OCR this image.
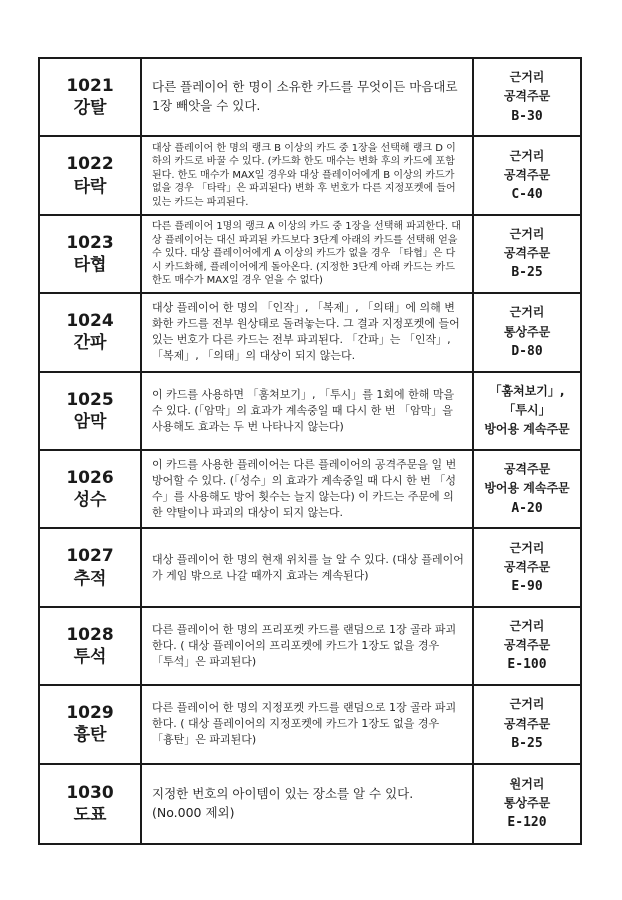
1021
강탈
다른 플레이어 한 명이 소유한 카드를 무엇이든 마음대로 1장 빼앗을 수 있다.
근거리
공격주문
B-30
1022
타락
대상 플레이어 한 명의 랭크 B 이상의 카드 중 1장을 선택해 랭크 D 이하의 카드로 바꿀 수 있다. (카드화 한도 매수는 변화 후의 카드에 포함된다. 한도 매수가 MAX일 경우와 대상 플레이어에게 B 이상의 카드가 없을 경우 「타락」은 파괴된다) 변화 후 번호가 다른 지정포켓에 들어있는 카드는 파괴된다.
근거리
공격주문
C-40
1023
타협
다른 플레이어 1명의 랭크 A 이상의 카드 중 1장을 선택해 파괴한다. 대상 플레이어는 대신 파괴된 카드보다 3단계 아래의 카드를 선택해 얻을 수 있다. 대상 플레이어에게 A 이상의 카드가 없을 경우 「타협」은 다시 카드화해, 플레이어에게 돌아온다. (지정한 3단계 아래 카드는 카드 한도 매수가 MAX일 경우 얻을 수 없다)
근거리
공격주문
B-25
1024
간파
대상 플레이어 한 명의 「인작」, 「복제」, 「의태」에 의해 변화한 카드를 전부 원상태로 돌려놓는다. 그 결과 지정포켓에 들어있는 번호가 다른 카드는 전부 파괴된다. 「간파」는 「인작」, 「복제」, 「의태」의 대상이 되지 않는다.
근거리
통상주문
D-80
1025
암막
이 카드를 사용하면 「훔쳐보기」, 「투시」를 1회에 한해 막을 수 있다. (「암막」의 효과가 계속중일 때 다시 한 번 「암막」을 사용해도 효과는 두 번 나타나지 않는다)
「훔쳐보기」,
「투시」
방어용 계속주문
1026
성수
이 카드를 사용한 플레이어는 다른 플레이어의 공격주문을 일 번 방어할 수 있다. (「성수」의 효과가 계속중일 때 다시 한 번 「성수」를 사용해도 방어 횟수는 늘지 않는다) 이 카드는 주문에 의한 약탈이나 파괴의 대상이 되지 않는다.
공격주문
방어용 계속주문
A-20
1027
추적
대상 플레이어 한 명의 현재 위치를 늘 알 수 있다. (대상 플레이어가 게임 밖으로 나갈 때까지 효과는 계속된다)
근거리
공격주문
E-90
1028
투석
다른 플레이어 한 명의 프리포켓 카드를 랜덤으로 1장 골라 파괴한다. ( 대상 플레이어의 프리포켓에 카드가 1장도 없을 경우 「투석」은 파괴된다)
근거리
공격주문
E-100
1029
흉탄
다른 플레이어 한 명의 지정포켓 카드를 랜덤으로 1장 골라 파괴한다. ( 대상 플레이어의 지정포켓에 카드가 1장도 없을 경우 「흉탄」은 파괴된다)
근거리
공격주문
B-25
1030
도표
지정한 번호의 아이템이 있는 장소를 알 수 있다. (No.000 제외)
원거리
통상주문
E-120
